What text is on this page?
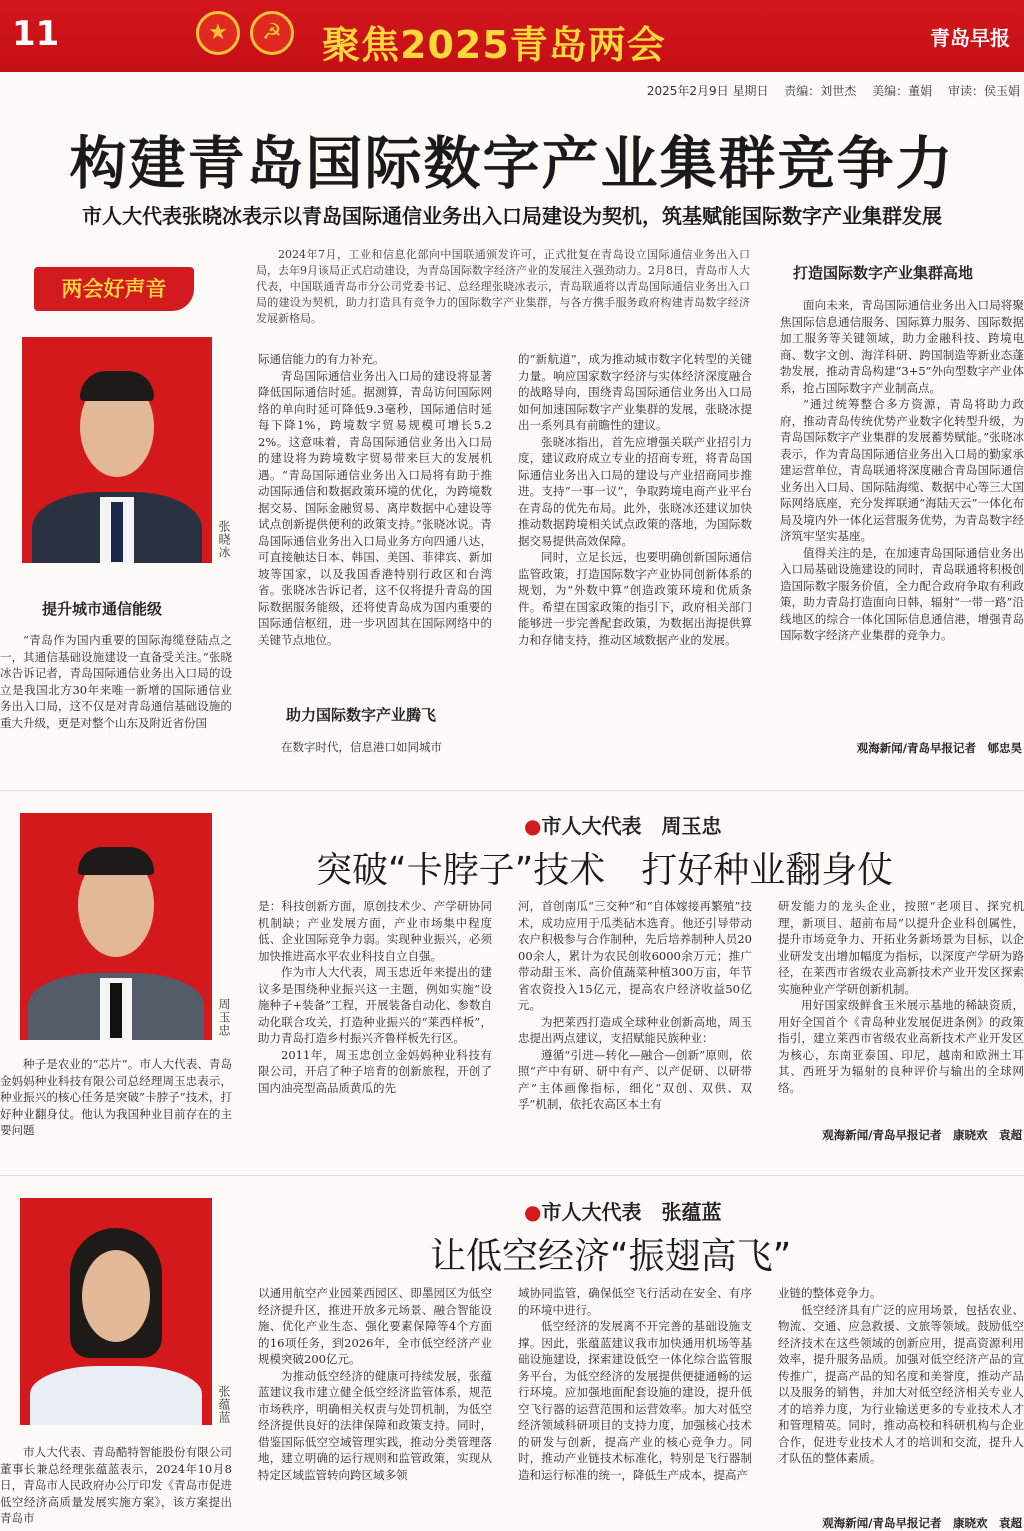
11	★	☭	聚焦2025青岛两会	青岛早报
2025年2月9日 星期日 责编：刘世杰 美编：董娟 审读：侯玉娟
构建青岛国际数字产业集群竞争力
市人大代表张晓冰表示以青岛国际通信业务出入口局建设为契机，筑基赋能国际数字产业集群发展
两会好声音
张晓冰

2024年7月，工业和信息化部向中国联通颁发许可，正式批复在青岛设立国际通信业务出入口局，去年9月该局正式启动建设，为青岛国际数字经济产业的发展注入强劲动力。2月8日，青岛市人大代表，中国联通青岛市分公司党委书记、总经理张晓冰表示，青岛联通将以青岛国际通信业务出入口局的建设为契机，助力打造具有竞争力的国际数字产业集群，与各方携手服务政府构建青岛数字经济发展新格局。

提升城市通信能级

“青岛作为国内重要的国际海缆登陆点之一，其通信基础设施建设一直备受关注。”张晓冰告诉记者，青岛国际通信业务出入口局的设立是我国北方30年来唯一新增的国际通信业务出入口局，这不仅是对青岛通信基础设施的重大升级，更是对整个山东及附近省份国

际通信能力的有力补充。

青岛国际通信业务出入口局的建设将显著降低国际通信时延。据测算，青岛访问国际网络的单向时延可降低9.3毫秒，国际通信时延每下降1%，跨境数字贸易规模可增长5.22%。这意味着，青岛国际通信业务出入口局的建设将为跨境数字贸易带来巨大的发展机遇。“青岛国际通信业务出入口局将有助于推动国际通信和数据政策环境的优化，为跨境数据交易、国际金融贸易、离岸数据中心建设等试点创新提供便利的政策支持。”张晓冰说。青岛国际通信业务出入口局业务方向四通八达，可直接触达日本、韩国、美国、菲律宾、新加坡等国家，以及我国香港特别行政区和台湾省。张晓冰告诉记者，这不仅将提升青岛的国际数据服务能级，还将使青岛成为国内重要的国际通信枢纽，进一步巩固其在国际网络中的关键节点地位。

助力国际数字产业腾飞

在数字时代，信息港口如同城市

的“新航道”，成为推动城市数字化转型的关键力量。响应国家数字经济与实体经济深度融合的战略导向，围绕青岛国际通信业务出入口局如何加速国际数字产业集群的发展，张晓冰提出一系列具有前瞻性的建议。

张晓冰指出，首先应增强关联产业招引力度，建议政府成立专业的招商专班，将青岛国际通信业务出入口局的建设与产业招商同步推进。支持“一事一议”，争取跨境电商产业平台在青岛的优先布局。此外，张晓冰还建议加快推动数据跨境相关试点政策的落地，为国际数据交易提供高效保障。

同时，立足长远，也要明确创新国际通信监管政策，打造国际数字产业协同创新体系的规划，为“外数中算”创造政策环境和优质条件。希望在国家政策的指引下，政府相关部门能够进一步完善配套政策，为数据出海提供算力和存储支持，推动区域数据产业的发展。

打造国际数字产业集群高地

面向未来，青岛国际通信业务出入口局将聚焦国际信息通信服务、国际算力服务、国际数据加工服务等关键领域，助力金融科技、跨境电商、数字文创、海洋科研、跨国制造等新业态蓬勃发展，推动青岛构建“3+5”外向型数字产业体系，抢占国际数字产业制高点。

“通过统筹整合多方资源，青岛将助力政府，推动青岛传统优势产业数字化转型升级，为青岛国际数字产业集群的发展蓄势赋能。”张晓冰表示，作为青岛国际通信业务出入口局的勤家承建运营单位，青岛联通将深度融合青岛国际通信业务出入口局、国际陆海缆、数据中心等三大国际网络底座，充分发挥联通“海陆天云”一体化布局及境内外一体化运营服务优势，为青岛数字经济筑牢坚实基座。

值得关注的是，在加速青岛国际通信业务出入口局基础设施建设的同时，青岛联通将积极创造国际数字服务价值，全力配合政府争取有利政策，助力青岛打造面向日韩，辐射“一带一路”沿线地区的综合一体化国际信息通信港，增强青岛国际数字经济产业集群的竞争力。

观海新闻/青岛早报记者　郇忠昊
●市人大代表　周玉忠
突破“卡脖子”技术　打好种业翻身仗
周玉忠

种子是农业的“芯片”。市人大代表、青岛金妈妈种业科技有限公司总经理周玉忠表示，种业振兴的核心任务是突破“卡脖子”技术，打好种业翻身仗。他认为我国种业目前存在的主要问题

是：科技创新方面，原创技术少、产学研协同机制缺；产业发展方面，产业市场集中程度低、企业国际竞争力弱。实现种业振兴，必须加快推进高水平农业科技自立自强。

作为市人大代表，周玉忠近年来提出的建议多是围绕种业振兴这一主题，例如实施“设施种子+装备”工程，开展装备自动化、参数自动化联合攻关，打造种业振兴的“莱西样板”，助力青岛打造乡村振兴齐鲁样板先行区。

2011年，周玉忠创立金妈妈种业科技有限公司，开启了种子培育的创新旅程，开创了国内油亮型高品质黄瓜的先

河，首创南瓜“三交种”和“自体嫁接再繁殖”技术，成功应用于瓜类砧木选育。他还引导带动农户积极参与合作制种，先后培养制种人员2000余人，累计为农民创收6000余万元；推广带动甜玉米、高价值蔬菜种植300万亩，年节省农资投入15亿元，提高农户经济收益50亿元。

为把莱西打造成全球种业创新高地，周玉忠提出两点建议，支招赋能民族种业：

遵循“引进—转化—融合—创新”原则，依照“产中有研、研中有产、以产促研、以研带产”主体画像指标，细化“双创、双供、双孚”机制，依托农高区本土有

研发能力的龙头企业，按照“老项目、探究机理，新项目、超前布局”以提升企业科创属性，提升市场竞争力、开拓业务新场景为目标，以企业研发支出增加幅度为指标，以深度产学研为路径，在莱西市省级农业高新技术产业开发区探索实施种业产学研创新机制。

用好国家级鲜食玉米展示基地的稀缺资质，用好全国首个《青岛种业发展促进条例》的政策指引，建立莱西市省级农业高新技术产业开发区为核心，东南亚泰国、印尼，越南和欧洲土耳其、西班牙为辐射的良种评价与输出的全球网络。

观海新闻/青岛早报记者　康晓欢　袁超
●市人大代表　张蕴蓝
让低空经济“振翅高飞”
张蕴蓝

市人大代表、青岛酷特智能股份有限公司董事长兼总经理张蕴蓝表示，2024年10月8日，青岛市人民政府办公厅印发《青岛市促进低空经济高质量发展实施方案》，该方案提出青岛市

以通用航空产业园莱西园区、即墨园区为低空经济提升区，推进开放多元场景、融合智能设施、优化产业生态、强化要素保障等4个方面的16项任务，到2026年，全市低空经济产业规模突破200亿元。

为推动低空经济的健康可持续发展，张蕴蓝建议我市建立健全低空经济监管体系，规范市场秩序，明确相关权责与处罚机制，为低空经济提供良好的法律保障和政策支持。同时，借鉴国际低空空域管理实践，推动分类管理落地，建立明确的运行规则和监管政策，实现从特定区域监管转向跨区域多领

域协同监管，确保低空飞行活动在安全、有序的环境中进行。

低空经济的发展离不开完善的基础设施支撑。因此，张蕴蓝建议我市加快通用机场等基础设施建设，探索建设低空一体化综合监管服务平台，为低空经济的发展提供便捷通畅的运行环境。应加强地面配套设施的建设，提升低空飞行器的运营范围和运营效率。加大对低空经济领域科研项目的支持力度，加强核心技术的研发与创新，提高产业的核心竞争力。同时，推动产业链技术标准化，特别是飞行器制造和运行标准的统一，降低生产成本，提高产

业链的整体竞争力。

低空经济具有广泛的应用场景，包括农业、物流、交通、应急救援、文旅等领域。鼓励低空经济技术在这些领域的创新应用，提高资源利用效率，提升服务品质。加强对低空经济产品的宣传推广，提高产品的知名度和美誉度，推动产品以及服务的销售，并加大对低空经济相关专业人才的培养力度，为行业输送更多的专业技术人才和管理精英。同时，推动高校和科研机构与企业合作，促进专业技术人才的培训和交流，提升人才队伍的整体素质。

观海新闻/青岛早报记者　康晓欢　袁超
